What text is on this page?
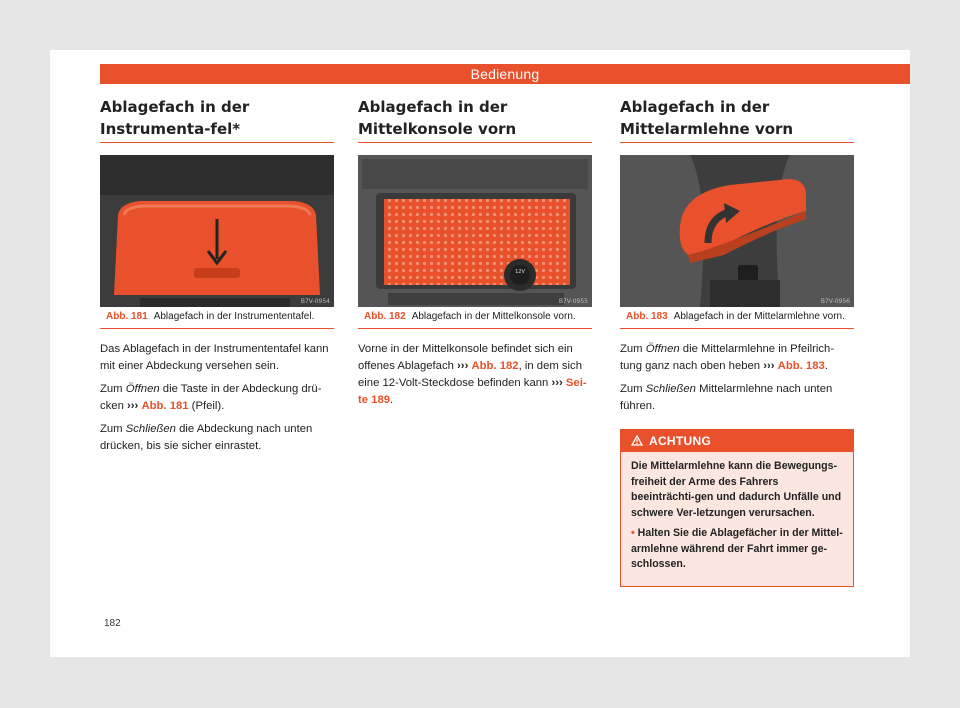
Bedienung
Ablagefach in der Instrumenta-fel*
B7V-0954
Abb. 181 Ablagefach in der Instrumententafel.

Das Ablagefach in der Instrumententafel kann mit einer Abdeckung versehen sein.

Zum Öffnen die Taste in der Abdeckung drü-cken ››› Abb. 181 (Pfeil).

Zum Schließen die Abdeckung nach unten drücken, bis sie sicher einrastet.

Ablagefach in der Mittelkonsole vorn
12V
B7V-0955
Abb. 182 Ablagefach in der Mittelkonsole vorn.

Vorne in der Mittelkonsole befindet sich ein offenes Ablagefach ››› Abb. 182, in dem sich eine 12-Volt-Steckdose befinden kann ››› Sei-te 189.

Ablagefach in der Mittelarmlehne vorn
B7V-0956
Abb. 183 Ablagefach in der Mittelarmlehne vorn.

Zum Öffnen die Mittelarmlehne in Pfeilrich-tung ganz nach oben heben ››› Abb. 183.

Zum Schließen Mittelarmlehne nach unten führen.

ACHTUNG

Die Mittelarmlehne kann die Bewegungs-freiheit der Arme des Fahrers beeinträchti-gen und dadurch Unfälle und schwere Ver-letzungen verursachen.

• Halten Sie die Ablagefächer in der Mittel-armlehne während der Fahrt immer ge-schlossen.

182
